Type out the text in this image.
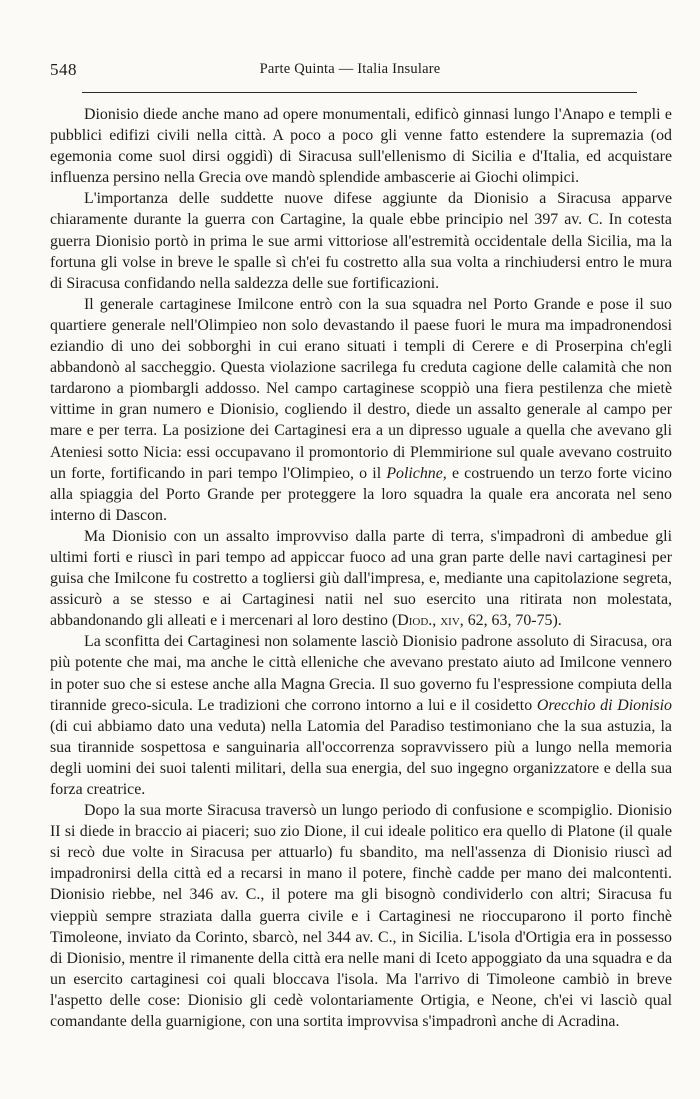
548	Parte Quinta — Italia Insulare

Dionisio diede anche mano ad opere monumentali, edificò ginnasi lungo l'Anapo e templi e pubblici edifizi civili nella città. A poco a poco gli venne fatto estendere la supremazia (od egemonia come suol dirsi oggidì) di Siracusa sull'ellenismo di Sicilia e d'Italia, ed acquistare influenza persino nella Grecia ove mandò splendide ambascerie ai Giochi olimpici.

L'importanza delle suddette nuove difese aggiunte da Dionisio a Siracusa apparve chiaramente durante la guerra con Cartagine, la quale ebbe principio nel 397 av. C. In cotesta guerra Dionisio portò in prima le sue armi vittoriose all'estremità occidentale della Sicilia, ma la fortuna gli volse in breve le spalle sì ch'ei fu costretto alla sua volta a rinchiudersi entro le mura di Siracusa confidando nella saldezza delle sue fortificazioni.

Il generale cartaginese Imilcone entrò con la sua squadra nel Porto Grande e pose il suo quartiere generale nell'Olimpieo non solo devastando il paese fuori le mura ma impadronendosi eziandio di uno dei sobborghi in cui erano situati i templi di Cerere e di Proserpina ch'egli abbandonò al saccheggio. Questa violazione sacrilega fu creduta cagione delle calamità che non tardarono a piombargli addosso. Nel campo cartaginese scoppiò una fiera pestilenza che mietè vittime in gran numero e Dionisio, cogliendo il destro, diede un assalto generale al campo per mare e per terra. La posizione dei Cartaginesi era a un dipresso uguale a quella che avevano gli Ateniesi sotto Nicia: essi occupavano il promontorio di Plemmirione sul quale avevano costruito un forte, fortificando in pari tempo l'Olimpieo, o il Polichne, e costruendo un terzo forte vicino alla spiaggia del Porto Grande per proteggere la loro squadra la quale era ancorata nel seno interno di Dascon.

Ma Dionisio con un assalto improvviso dalla parte di terra, s'impadronì di ambedue gli ultimi forti e riuscì in pari tempo ad appiccar fuoco ad una gran parte delle navi cartaginesi per guisa che Imilcone fu costretto a togliersi giù dall'impresa, e, mediante una capitolazione segreta, assicurò a se stesso e ai Cartaginesi natii nel suo esercito una ritirata non molestata, abbandonando gli alleati e i mercenari al loro destino (Diod., xiv, 62, 63, 70-75).

La sconfitta dei Cartaginesi non solamente lasciò Dionisio padrone assoluto di Siracusa, ora più potente che mai, ma anche le città elleniche che avevano prestato aiuto ad Imilcone vennero in poter suo che si estese anche alla Magna Grecia. Il suo governo fu l'espressione compiuta della tirannide greco-sicula. Le tradizioni che corrono intorno a lui e il cosidetto Orecchio di Dionisio (di cui abbiamo dato una veduta) nella Latomia del Paradiso testimoniano che la sua astuzia, la sua tirannide sospettosa e sanguinaria all'occorrenza sopravvissero più a lungo nella memoria degli uomini dei suoi talenti militari, della sua energia, del suo ingegno organizzatore e della sua forza creatrice.

Dopo la sua morte Siracusa traversò un lungo periodo di confusione e scompiglio. Dionisio II si diede in braccio ai piaceri; suo zio Dione, il cui ideale politico era quello di Platone (il quale si recò due volte in Siracusa per attuarlo) fu sbandito, ma nell'assenza di Dionisio riuscì ad impadronirsi della città ed a recarsi in mano il potere, finchè cadde per mano dei malcontenti. Dionisio riebbe, nel 346 av. C., il potere ma gli bisognò condividerlo con altri; Siracusa fu vieppiù sempre straziata dalla guerra civile e i Cartaginesi ne rioccuparono il porto finchè Timoleone, inviato da Corinto, sbarcò, nel 344 av. C., in Sicilia. L'isola d'Ortigia era in possesso di Dionisio, mentre il rimanente della città era nelle mani di Iceto appoggiato da una squadra e da un esercito cartaginesi coi quali bloccava l'isola. Ma l'arrivo di Timoleone cambiò in breve l'aspetto delle cose: Dionisio gli cedè volontariamente Ortigia, e Neone, ch'ei vi lasciò qual comandante della guarnigione, con una sortita improvvisa s'impadronì anche di Acradina.
